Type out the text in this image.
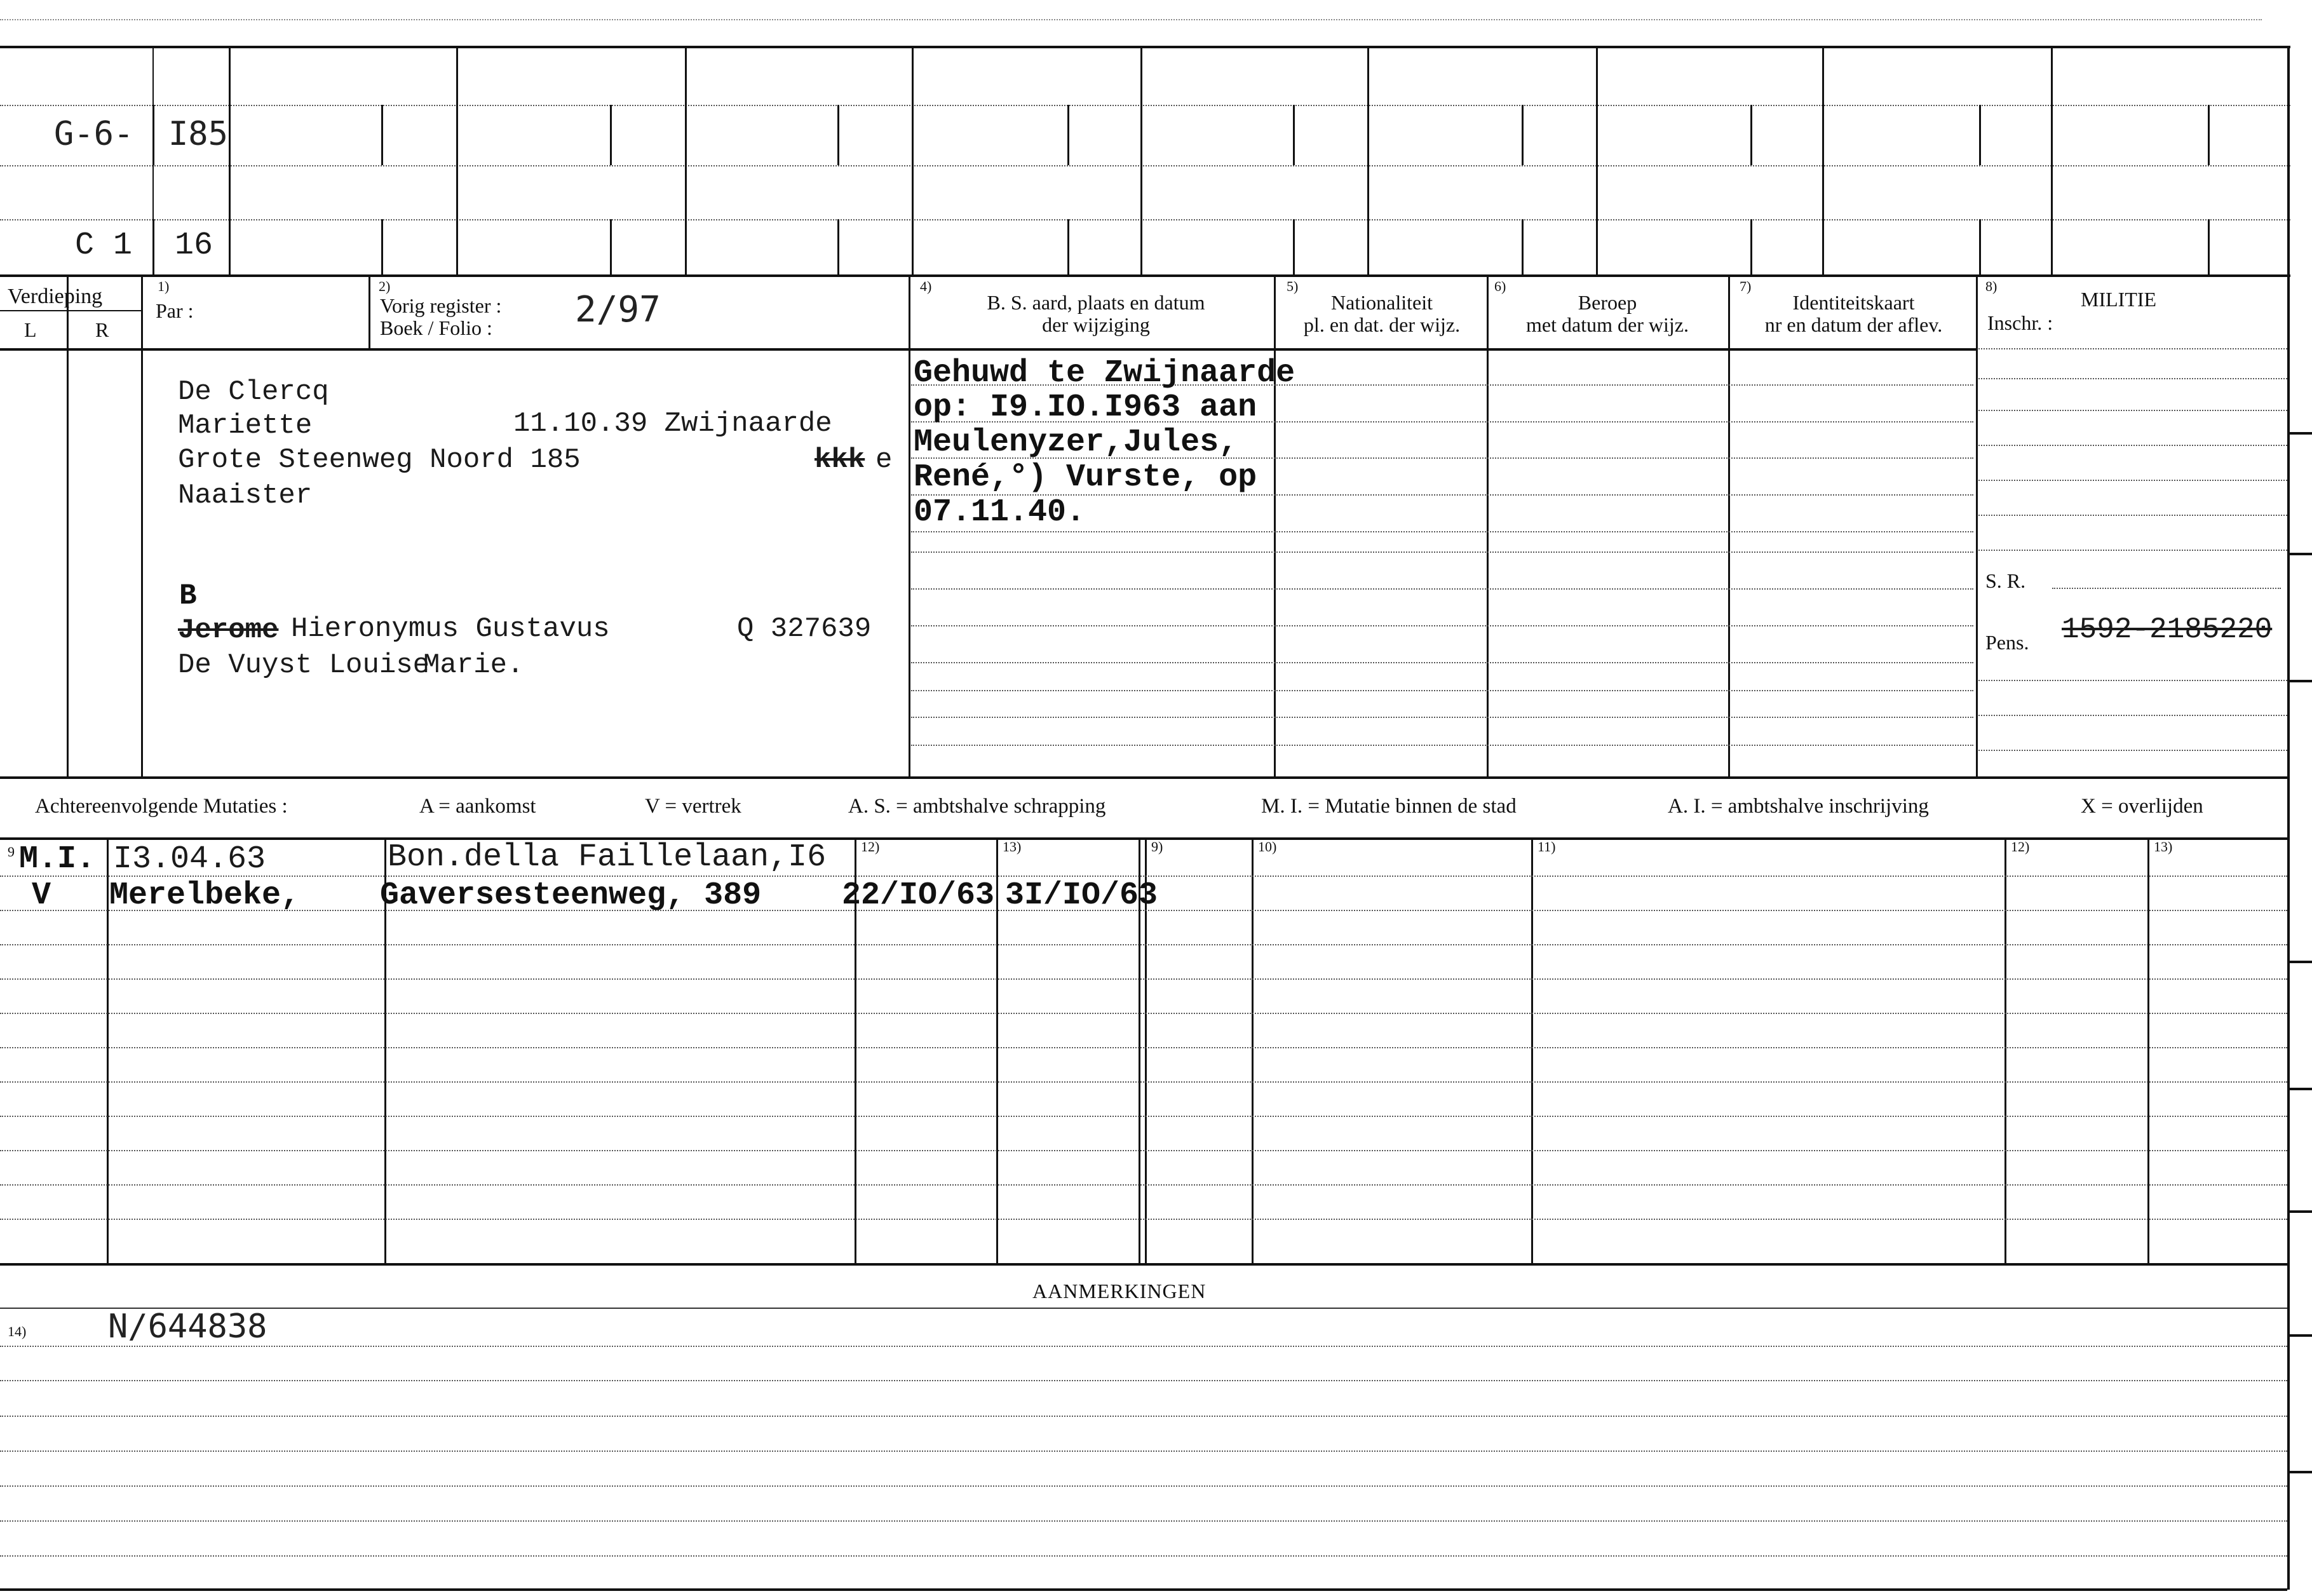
G-6- I85
C 1 16
Verdieping
L	R
1)
Par :
2)
Vorig register :
Boek / Folio : 2/97
4)
B. S. aard, plaats en datum
der wijziging
5)
Nationaliteit
pl. en dat. der wijz.
6)
Beroep
met datum der wijz.
7)
Identiteitskaart
nr en datum der aflev.
8)
MILITIE
Inschr. :
S. R.
Pens. 1592-2185220
De Clercq
Mariette	11.10.39 Zwijnaarde
Grote Steenweg Noord 185	kkk e
Naaister
B
Jerome Hieronymus Gustavus	Q 327639
De Vuyst Louise
Marie.
Gehuwd te Zwijnaarde
op: I9.IO.I963 aan
Meulenyzer,Jules,
René,°) Vurste, op
07.11.40.
Achtereenvolgende Mutaties :	A = aankomst	V = vertrek	A. S. = ambtshalve schrapping	M. I. = Mutatie binnen de stad	A. I. = ambtshalve inschrijving	X = overlijden
9	12)	13)	9)	10)	11)	12)	13)
M.I. I3.04.63	Bon.della Faillelaan,I6
V Merelbeke,	Gaversesteenweg, 389	22/IO/63 3I/IO/63
AANMERKINGEN
14) N/644838
